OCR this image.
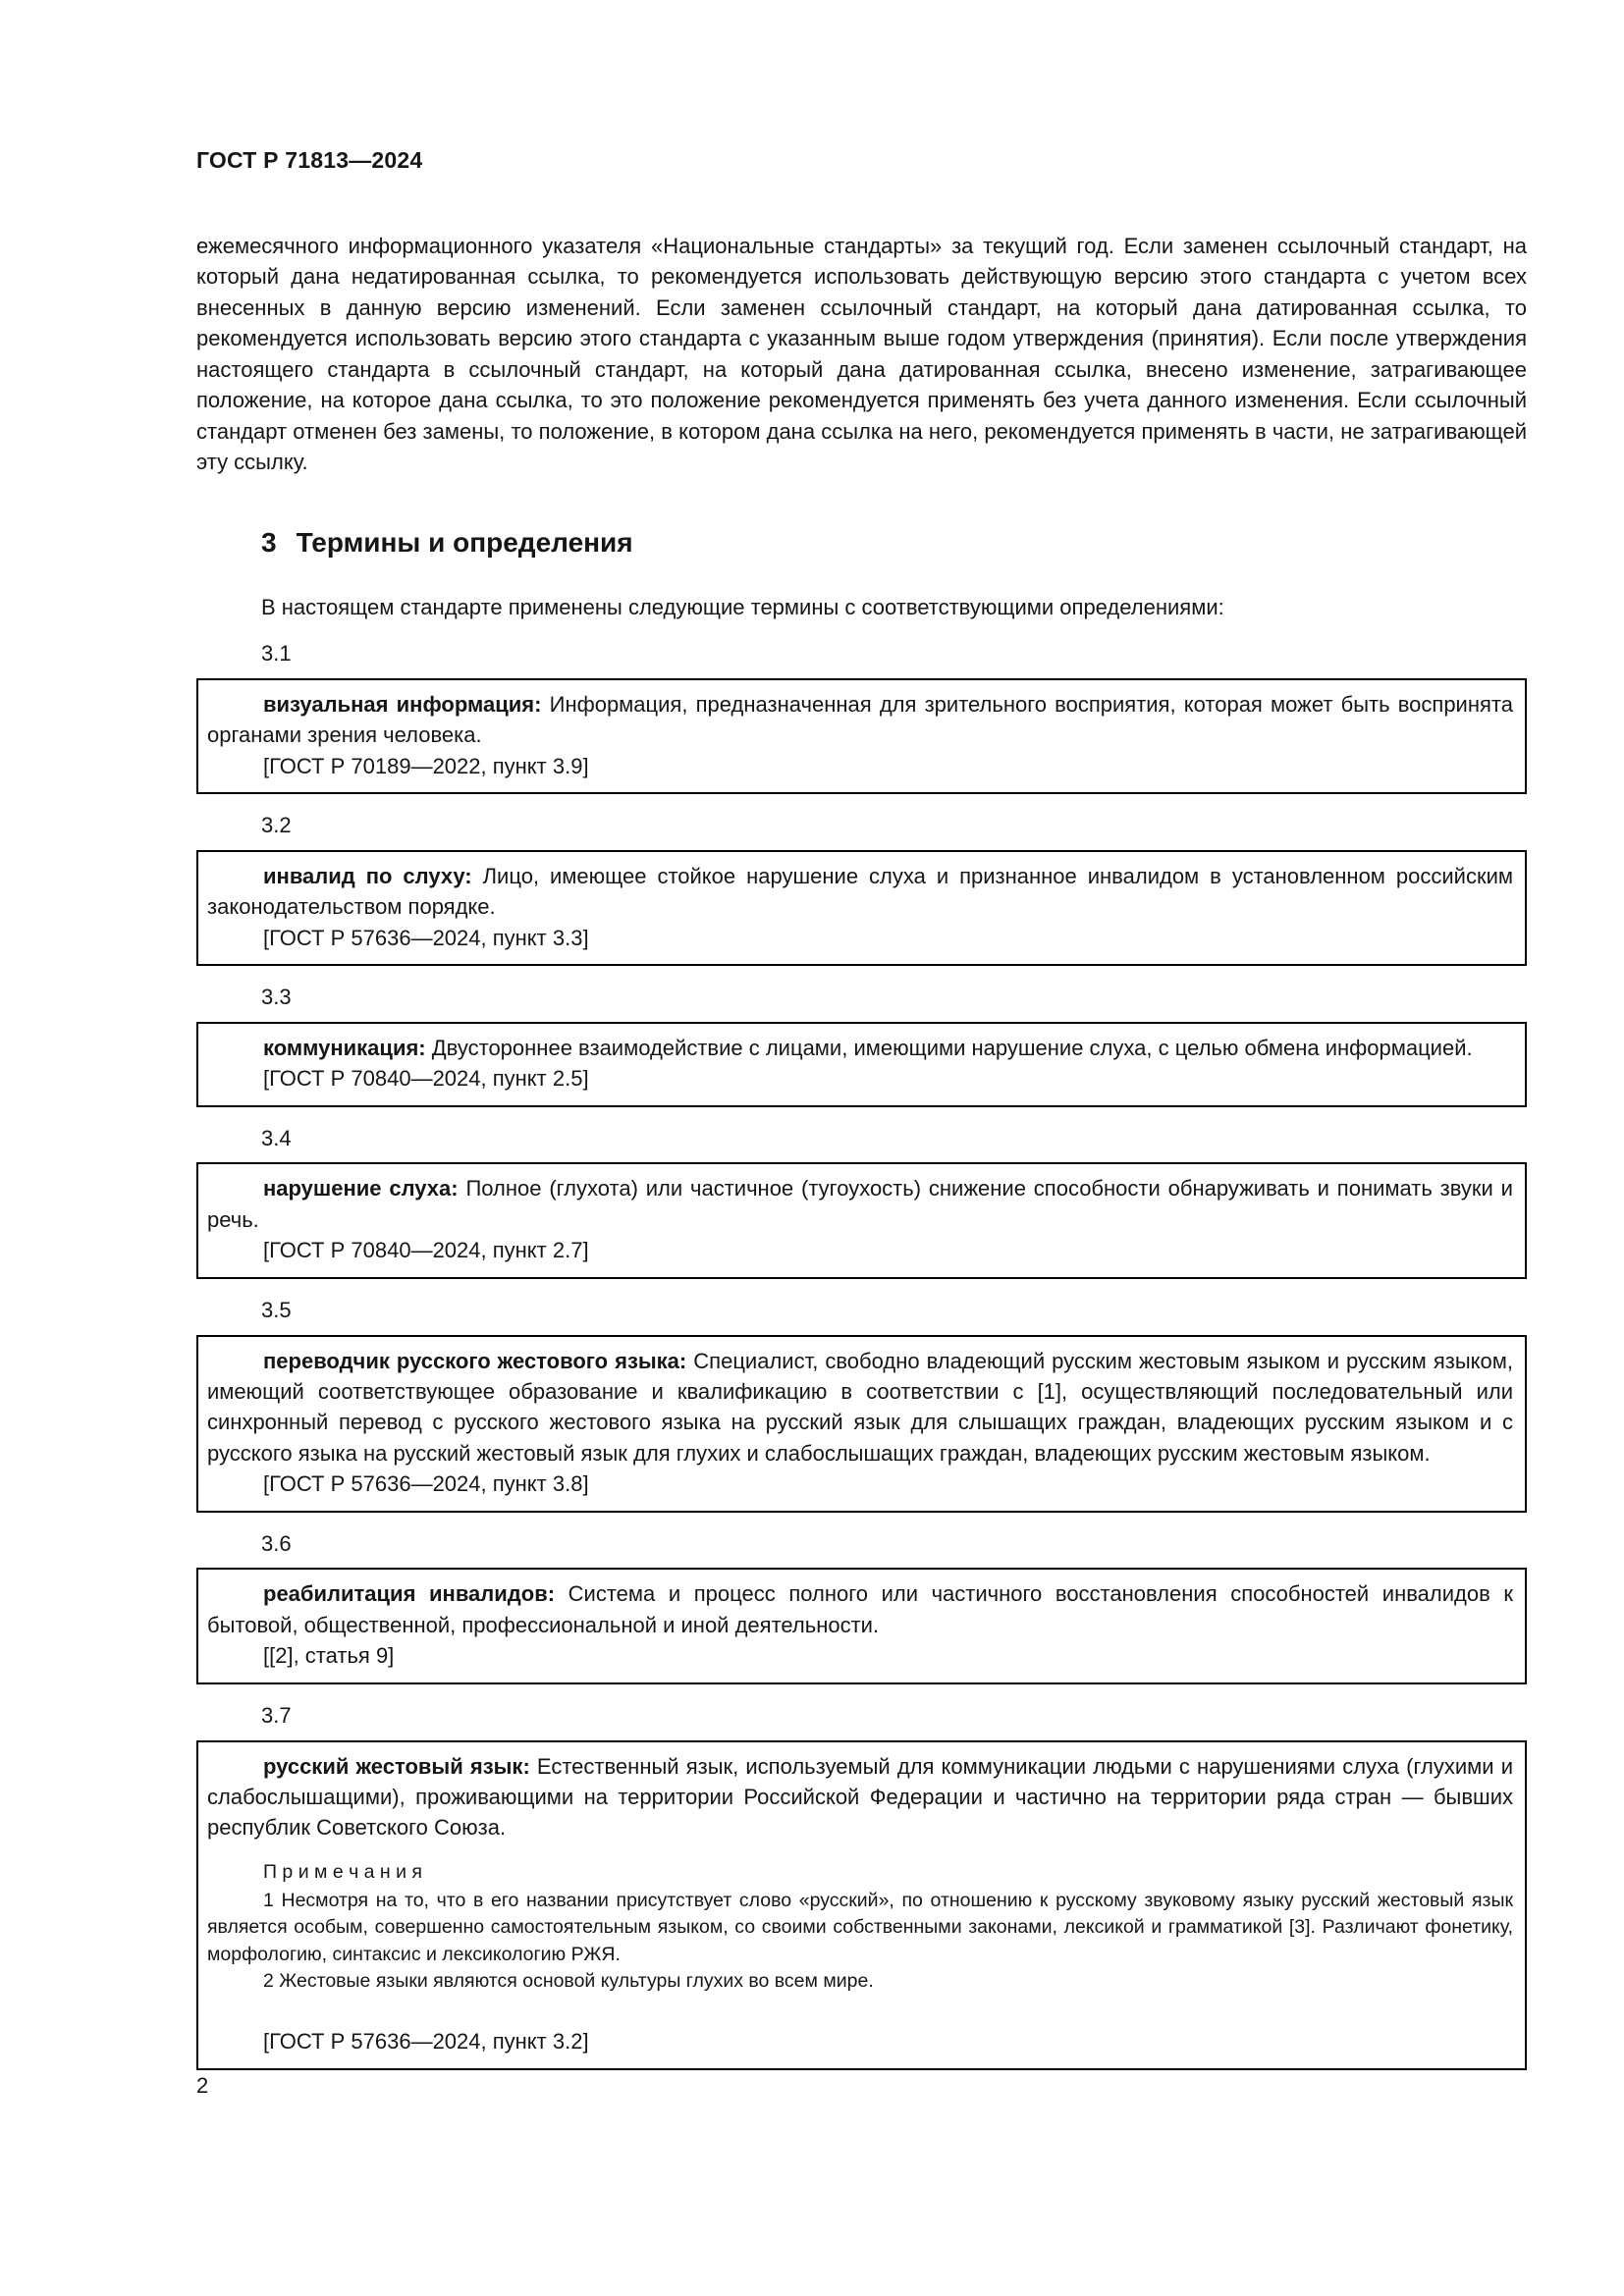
ГОСТ Р 71813—2024

ежемесячного информационного указателя «Национальные стандарты» за текущий год. Если заменен ссылочный стандарт, на который дана недатированная ссылка, то рекомендуется использовать действующую версию этого стандарта с учетом всех внесенных в данную версию изменений. Если заменен ссылочный стандарт, на который дана датированная ссылка, то рекомендуется использовать версию этого стандарта с указанным выше годом утверждения (принятия). Если после утверждения настоящего стандарта в ссылочный стандарт, на который дана датированная ссылка, внесено изменение, затрагивающее положение, на которое дана ссылка, то это положение рекомендуется применять без учета данного изменения. Если ссылочный стандарт отменен без замены, то положение, в котором дана ссылка на него, рекомендуется применять в части, не затрагивающей эту ссылку.

3 Термины и определения

В настоящем стандарте применены следующие термины с соответствующими определениями:

3.1

визуальная информация: Информация, предназначенная для зрительного восприятия, которая может быть воспринята органами зрения человека.

[ГОСТ Р 70189—2022, пункт 3.9]

3.2

инвалид по слуху: Лицо, имеющее стойкое нарушение слуха и признанное инвалидом в установленном российским законодательством порядке.

[ГОСТ Р 57636—2024, пункт 3.3]

3.3

коммуникация: Двустороннее взаимодействие с лицами, имеющими нарушение слуха, с целью обмена информацией.

[ГОСТ Р 70840—2024, пункт 2.5]

3.4

нарушение слуха: Полное (глухота) или частичное (тугоухость) снижение способности обнаруживать и понимать звуки и речь.

[ГОСТ Р 70840—2024, пункт 2.7]

3.5

переводчик русского жестового языка: Специалист, свободно владеющий русским жестовым языком и русским языком, имеющий соответствующее образование и квалификацию в соответствии с [1], осуществляющий последовательный или синхронный перевод с русского жестового языка на русский язык для слышащих граждан, владеющих русским языком и с русского языка на русский жестовый язык для глухих и слабослышащих граждан, владеющих русским жестовым языком.

[ГОСТ Р 57636—2024, пункт 3.8]

3.6

реабилитация инвалидов: Система и процесс полного или частичного восстановления способностей инвалидов к бытовой, общественной, профессиональной и иной деятельности.

[[2], статья 9]

3.7

русский жестовый язык: Естественный язык, используемый для коммуникации людьми с нарушениями слуха (глухими и слабослышащими), проживающими на территории Российской Федерации и частично на территории ряда стран — бывших республик Советского Союза.

П р и м е ч а н и я

1 Несмотря на то, что в его названии присутствует слово «русский», по отношению к русскому звуковому языку русский жестовый язык является особым, совершенно самостоятельным языком, со своими собственными законами, лексикой и грамматикой [3]. Различают фонетику, морфологию, синтаксис и лексикологию РЖЯ.

2 Жестовые языки являются основой культуры глухих во всем мире.

[ГОСТ Р 57636—2024, пункт 3.2]

2
